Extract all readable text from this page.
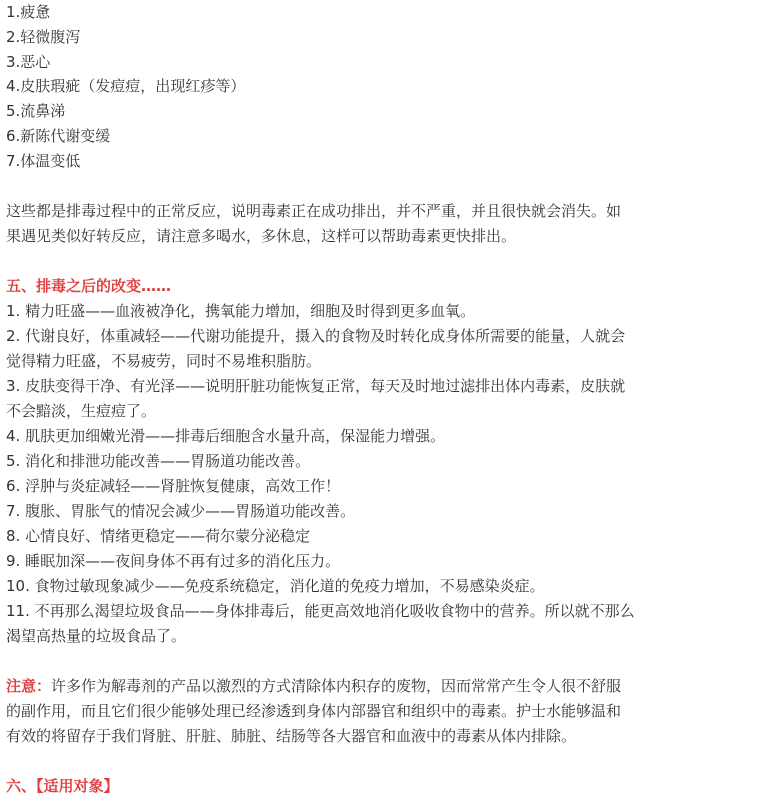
1.疲惫
2.轻微腹泻
3.恶心
4.皮肤瑕疵（发痘痘，出现红疹等）
5.流鼻涕
6.新陈代谢变缓
7.体温变低
这些都是排毒过程中的正常反应，说明毒素正在成功排出，并不严重，并且很快就会消失。如
果遇见类似好转反应，请注意多喝水，多休息，这样可以帮助毒素更快排出。
五、排毒之后的改变……
1. 精力旺盛——血液被净化，携氧能力增加，细胞及时得到更多血氧。
2. 代谢良好，体重减轻——代谢功能提升，摄入的食物及时转化成身体所需要的能量，人就会
觉得精力旺盛，不易疲劳，同时不易堆积脂肪。
3. 皮肤变得干净、有光泽——说明肝脏功能恢复正常，每天及时地过滤排出体内毒素，皮肤就
不会黯淡，生痘痘了。
4. 肌肤更加细嫩光滑——排毒后细胞含水量升高，保湿能力增强。
5. 消化和排泄功能改善——胃肠道功能改善。
6. 浮肿与炎症减轻——肾脏恢复健康，高效工作！
7. 腹胀、胃胀气的情况会减少——胃肠道功能改善。
8. 心情良好、情绪更稳定——荷尔蒙分泌稳定
9. 睡眠加深——夜间身体不再有过多的消化压力。
10. 食物过敏现象减少——免疫系统稳定，消化道的免疫力增加，不易感染炎症。
11. 不再那么渴望垃圾食品——身体排毒后，能更高效地消化吸收食物中的营养。所以就不那么
渴望高热量的垃圾食品了。
注意：许多作为解毒剂的产品以激烈的方式清除体内积存的废物，因而常常产生令人很不舒服
的副作用，而且它们很少能够处理已经渗透到身体内部器官和组织中的毒素。护士水能够温和
有效的将留存于我们肾脏、肝脏、肺脏、结肠等各大器官和血液中的毒素从体内排除。
六、【适用对象】
